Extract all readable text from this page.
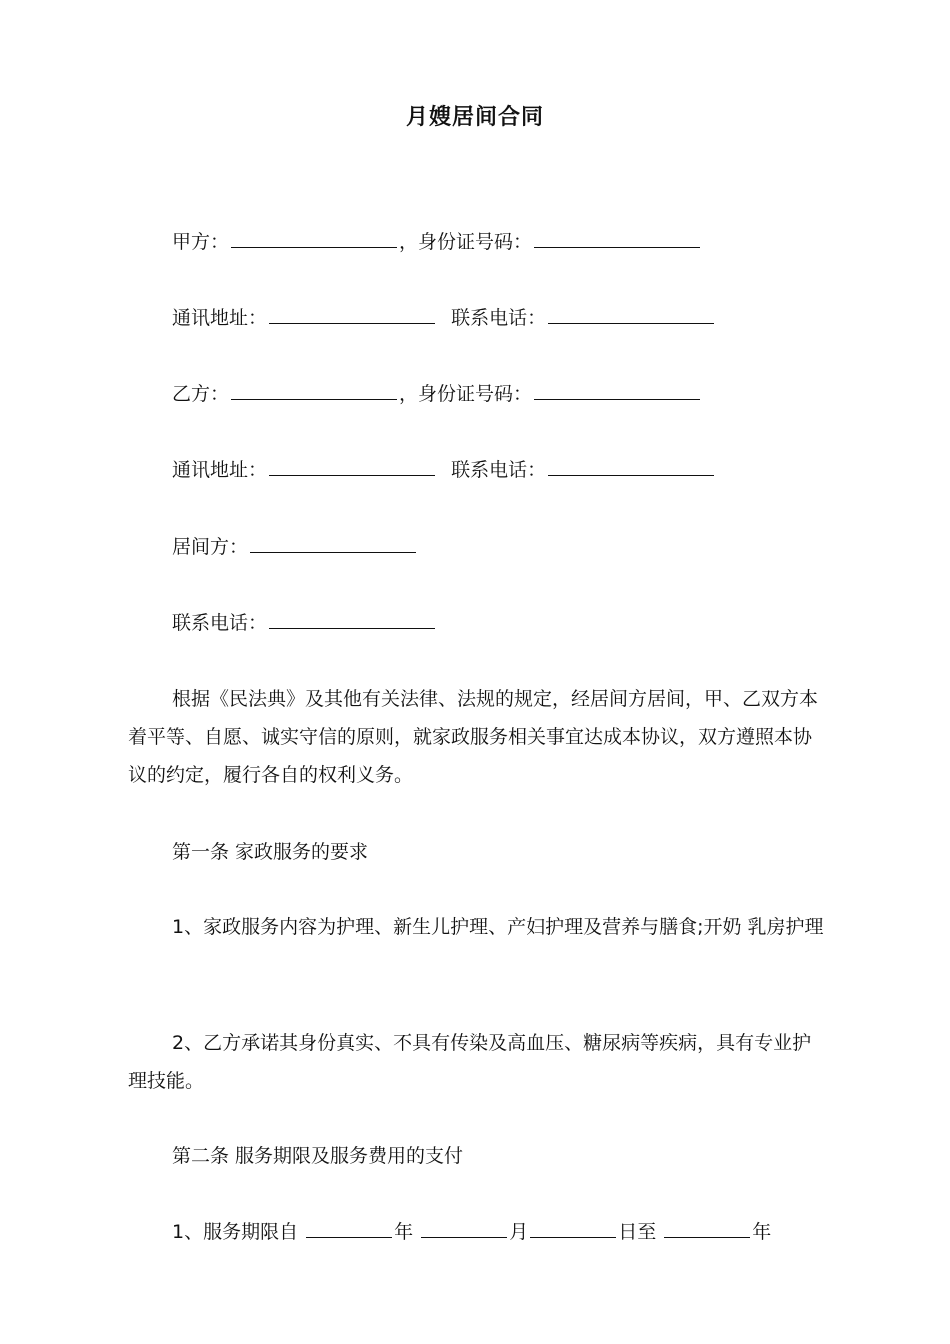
月嫂居间合同
甲方：	，身份证号码：
通讯地址：	联系电话：
乙方：	，身份证号码：
通讯地址：	联系电话：
居间方：
联系电话：
根据《民法典》及其他有关法律、法规的规定，经居间方居间，甲、乙双方本着平等、自愿、诚实守信的原则，就家政服务相关事宜达成本协议，双方遵照本协议的约定，履行各自的权利义务。
第一条 家政服务的要求
1、家政服务内容为护理、新生儿护理、产妇护理及营养与膳食;开奶 乳房护理
2、乙方承诺其身份真实、不具有传染及高血压、糖尿病等疾病，具有专业护理技能。
第二条 服务期限及服务费用的支付
1、服务期限自	年	月	日至	年
